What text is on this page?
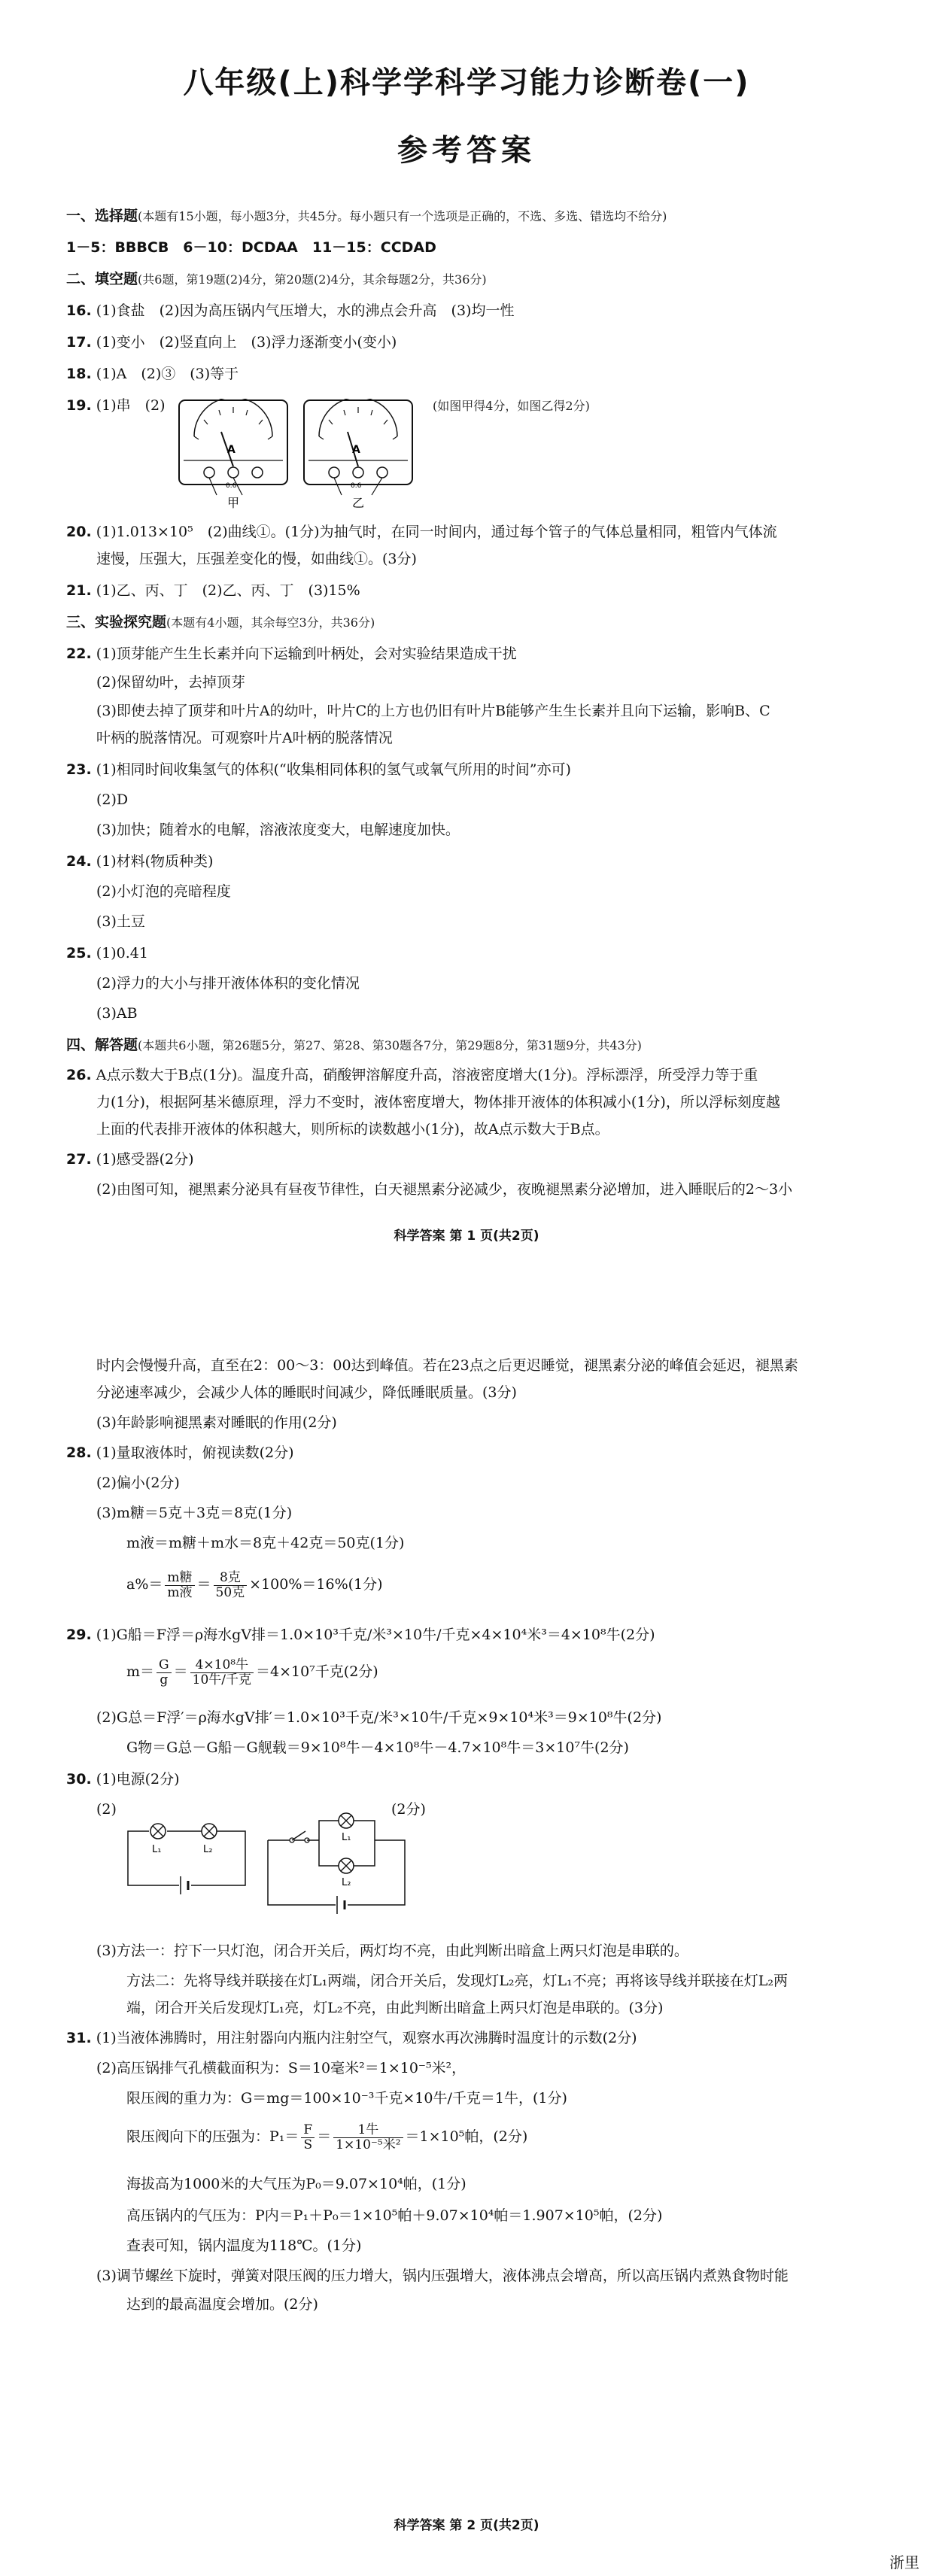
八年级(上)科学学科学习能力诊断卷(一)
参考答案
一、选择题(本题有15小题，每小题3分，共45分。每小题只有一个选项是正确的，不选、多选、错选均不给分)
1－5：BBBCB　6－10：DCDAA　11－15：CCDAD
二、填空题(共6题，第19题(2)4分，第20题(2)4分，其余每题2分，共36分)
16. (1)食盐　(2)因为高压锅内气压增大，水的沸点会升高　(3)均一性
17. (1)变小　(2)竖直向上　(3)浮力逐渐变小(变小)
18. (1)A　(2)③　(3)等于
19. (1)串　(2)	(如图甲得4分，如图乙得2分)
A
0.6
甲
A
0.6
乙
20. (1)1.013×10⁵　(2)曲线①。(1分)为抽气时，在同一时间内，通过每个管子的气体总量相同，粗管内气体流
速慢，压强大，压强差变化的慢，如曲线①。(3分)
21. (1)乙、丙、丁　(2)乙、丙、丁　(3)15%
三、实验探究题(本题有4小题，其余每空3分，共36分)
22. (1)顶芽能产生生长素并向下运输到叶柄处，会对实验结果造成干扰
(2)保留幼叶，去掉顶芽
(3)即使去掉了顶芽和叶片A的幼叶，叶片C的上方也仍旧有叶片B能够产生生长素并且向下运输，影响B、C
叶柄的脱落情况。可观察叶片A叶柄的脱落情况
23. (1)相同时间收集氢气的体积(“收集相同体积的氢气或氧气所用的时间”亦可)
(2)D
(3)加快；随着水的电解，溶液浓度变大，电解速度加快。
24. (1)材料(物质种类)
(2)小灯泡的亮暗程度
(3)土豆
25. (1)0.41
(2)浮力的大小与排开液体体积的变化情况
(3)AB
四、解答题(本题共6小题，第26题5分，第27、第28、第30题各7分，第29题8分，第31题9分，共43分)
26. A点示数大于B点(1分)。温度升高，硝酸钾溶解度升高，溶液密度增大(1分)。浮标漂浮，所受浮力等于重
力(1分)，根据阿基米德原理，浮力不变时，液体密度增大，物体排开液体的体积减小(1分)，所以浮标刻度越
上面的代表排开液体的体积越大，则所标的读数越小(1分)，故A点示数大于B点。
27. (1)感受器(2分)
(2)由图可知，褪黑素分泌具有昼夜节律性，白天褪黑素分泌减少，夜晚褪黑素分泌增加，进入睡眠后的2～3小
科学答案 第 1 页(共2页)
时内会慢慢升高，直至在2：00～3：00达到峰值。若在23点之后更迟睡觉，褪黑素分泌的峰值会延迟，褪黑素
分泌速率减少，会减少人体的睡眠时间减少，降低睡眠质量。(3分)
(3)年龄影响褪黑素对睡眠的作用(2分)
28. (1)量取液体时，俯视读数(2分)
(2)偏小(2分)
(3)m糖＝5克＋3克＝8克(1分)
m液＝m糖＋m水＝8克＋42克＝50克(1分)
$a\%= \frac{\text{m糖}}{\text{m液}} = \frac{\text{8克}}{\text{50克}} \times 100\%=16\%(1$分)
29. (1)G船＝F浮＝ρ海水gV排＝1.0×10³千克/米³×10牛/千克×4×10⁴米³＝4×10⁸牛(2分)
$m= \frac{G}{g} = \frac{\text{4×10⁸牛}}{\text{10牛/千克}} =4\times 10^7$千克(2分)
(2)G总＝F浮′＝ρ海水gV排′＝1.0×10³千克/米³×10牛/千克×9×10⁴米³＝9×10⁸牛(2分)
G物＝G总－G船－G舰载＝9×10⁸牛－4×10⁸牛－4.7×10⁸牛＝3×10⁷牛(2分)
30. (1)电源(2分)
(2)	(2分)
L₁	L₂
L₁
L₂
(3)方法一：拧下一只灯泡，闭合开关后，两灯均不亮，由此判断出暗盒上两只灯泡是串联的。
方法二：先将导线并联接在灯L₁两端，闭合开关后，发现灯L₂亮，灯L₁不亮；再将该导线并联接在灯L₂两
端，闭合开关后发现灯L₁亮，灯L₂不亮，由此判断出暗盒上两只灯泡是串联的。(3分)
31. (1)当液体沸腾时，用注射器向内瓶内注射空气，观察水再次沸腾时温度计的示数(2分)
(2)高压锅排气孔横截面积为：S＝10毫米²＝1×10⁻⁵米²，
限压阀的重力为：G＝mg＝100×10⁻³千克×10牛/千克＝1牛，(1分)
限压阀向下的压强为：$P_1= \frac{F}{S} = \frac{\text{1牛}}{\text{1×10⁻⁵米²}} =1\times 10^5$帕，(2分)
海拔高为1000米的大气压为P₀＝9.07×10⁴帕，(1分)
高压锅内的气压为：P内＝P₁＋P₀＝1×10⁵帕＋9.07×10⁴帕＝1.907×10⁵帕，(2分)
查表可知，锅内温度为118℃。(1分)
(3)调节螺丝下旋时，弹簧对限压阀的压力增大，锅内压强增大，液体沸点会增高，所以高压锅内煮熟食物时能
达到的最高温度会增加。(2分)
科学答案 第 2 页(共2页)
浙里
